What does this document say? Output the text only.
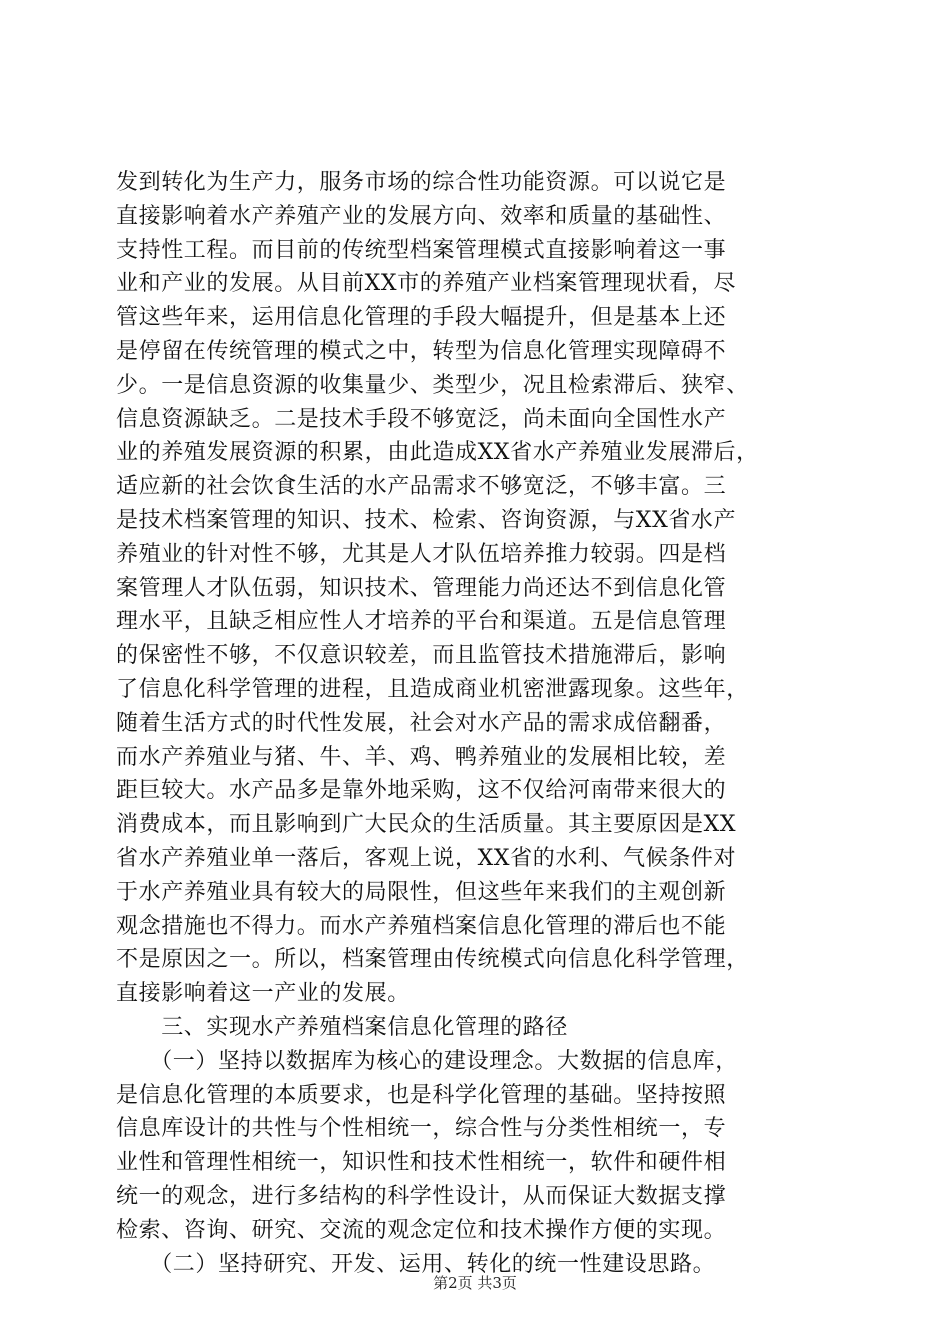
发到转化为生产力，服务市场的综合性功能资源。可以说它是
直接影响着水产养殖产业的发展方向、效率和质量的基础性、
支持性工程。而目前的传统型档案管理模式直接影响着这一事
业和产业的发展。从目前XX市的养殖产业档案管理现状看，尽
管这些年来，运用信息化管理的手段大幅提升，但是基本上还
是停留在传统管理的模式之中，转型为信息化管理实现障碍不
少。一是信息资源的收集量少、类型少，况且检索滞后、狭窄、
信息资源缺乏。二是技术手段不够宽泛，尚未面向全国性水产
业的养殖发展资源的积累，由此造成XX省水产养殖业发展滞后，
适应新的社会饮食生活的水产品需求不够宽泛，不够丰富。三
是技术档案管理的知识、技术、检索、咨询资源，与XX省水产
养殖业的针对性不够，尤其是人才队伍培养推力较弱。四是档
案管理人才队伍弱，知识技术、管理能力尚还达不到信息化管
理水平，且缺乏相应性人才培养的平台和渠道。五是信息管理
的保密性不够，不仅意识较差，而且监管技术措施滞后，影响
了信息化科学管理的进程，且造成商业机密泄露现象。这些年，
随着生活方式的时代性发展，社会对水产品的需求成倍翻番，
而水产养殖业与猪、牛、羊、鸡、鸭养殖业的发展相比较，差
距巨较大。水产品多是靠外地采购，这不仅给河南带来很大的
消费成本，而且影响到广大民众的生活质量。其主要原因是XX
省水产养殖业单一落后，客观上说，XX省的水利、气候条件对
于水产养殖业具有较大的局限性，但这些年来我们的主观创新
观念措施也不得力。而水产养殖档案信息化管理的滞后也不能
不是原因之一。所以，档案管理由传统模式向信息化科学管理，
直接影响着这一产业的发展。
　　三、实现水产养殖档案信息化管理的路径
　　（一）坚持以数据库为核心的建设理念。大数据的信息库，
是信息化管理的本质要求，也是科学化管理的基础。坚持按照
信息库设计的共性与个性相统一，综合性与分类性相统一，专
业性和管理性相统一，知识性和技术性相统一，软件和硬件相
统一的观念，进行多结构的科学性设计，从而保证大数据支撑
检索、咨询、研究、交流的观念定位和技术操作方便的实现。
　　（二）坚持研究、开发、运用、转化的统一性建设思路。
第2页 共3页
